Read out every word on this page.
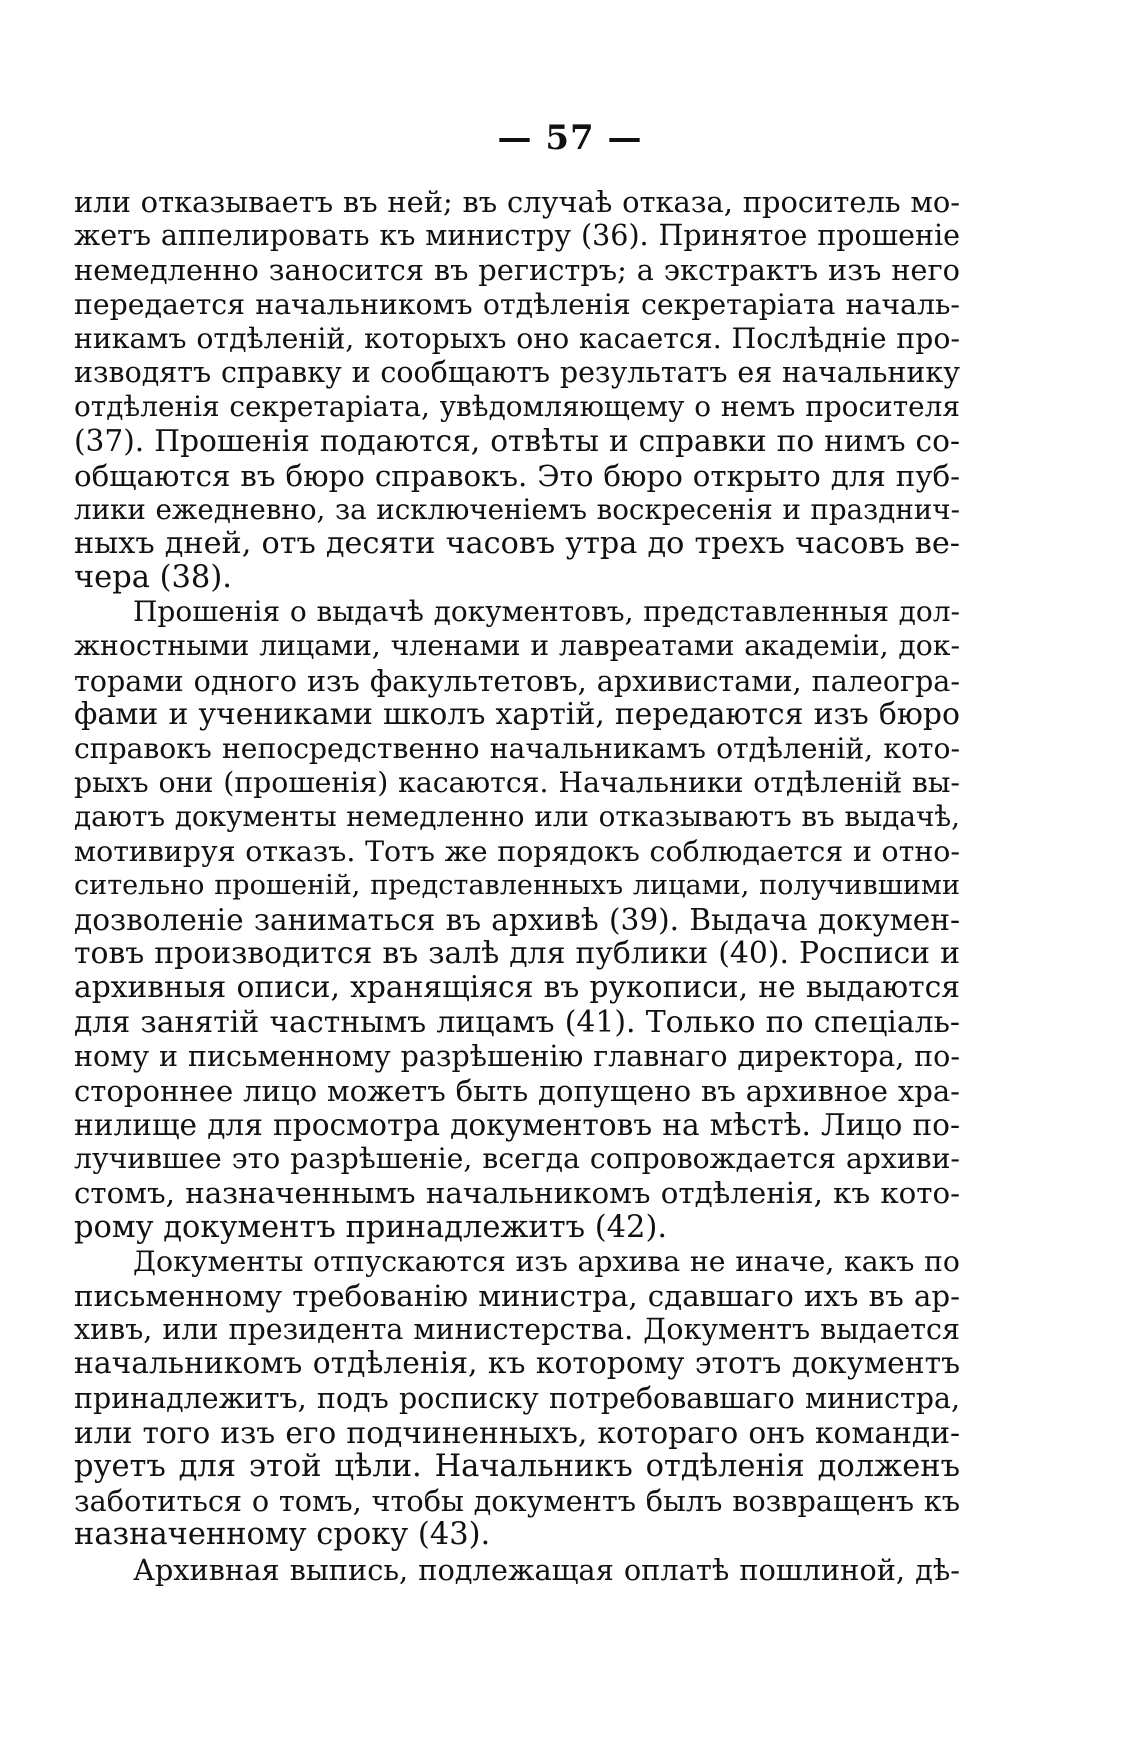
— 57 —
или отказываетъ въ ней; въ случаѣ отказа, проситель мо-
жетъ аппелировать къ министру (36). Принятое прошеніе
немедленно заносится въ регистръ; а экстрактъ изъ него
передается начальникомъ отдѣленія секретаріата началь-
никамъ отдѣленій, которыхъ оно касается. Послѣдніе про-
изводятъ справку и сообщаютъ результатъ ея начальнику
отдѣленія секретаріата, увѣдомляющему о немъ просителя
(37). Прошенія подаются, отвѣты и справки по нимъ со-
общаются въ бюро справокъ. Это бюро открыто для пуб-
лики ежедневно, за исключеніемъ воскресенія и празднич-
ныхъ дней, отъ десяти часовъ утра до трехъ часовъ ве-
чера (38).
Прошенія о выдачѣ документовъ, представленныя дол-
жностными лицами, членами и лавреатами академіи, док-
торами одного изъ факультетовъ, архивистами, палеогра-
фами и учениками школъ хартій, передаются изъ бюро
справокъ непосредственно начальникамъ отдѣленій, кото-
рыхъ они (прошенія) касаются. Начальники отдѣленій вы-
даютъ документы немедленно или отказываютъ въ выдачѣ,
мотивируя отказъ. Тотъ же порядокъ соблюдается и отно-
сительно прошеній, представленныхъ лицами, получившими
дозволеніе заниматься въ архивѣ (39). Выдача докумен-
товъ производится въ залѣ для публики (40). Росписи и
архивныя описи, хранящіяся въ рукописи, не выдаются
для занятій частнымъ лицамъ (41). Только по спеціаль-
ному и письменному разрѣшенію главнаго директора, по-
стороннее лицо можетъ быть допущено въ архивное хра-
нилище для просмотра документовъ на мѣстѣ. Лицо по-
лучившее это разрѣшеніе, всегда сопровождается архиви-
стомъ, назначеннымъ начальникомъ отдѣленія, къ кото-
рому документъ принадлежитъ (42).
Документы отпускаются изъ архива не иначе, какъ по
письменному требованію министра, сдавшаго ихъ въ ар-
хивъ, или президента министерства. Документъ выдается
начальникомъ отдѣленія, къ которому этотъ документъ
принадлежитъ, подъ росписку потребовавшаго министра,
или того изъ его подчиненныхъ, котораго онъ команди-
руетъ для этой цѣли. Начальникъ отдѣленія долженъ
заботиться о томъ, чтобы документъ былъ возвращенъ къ
назначенному сроку (43).
Архивная выпись, подлежащая оплатѣ пошлиной, дѣ-
